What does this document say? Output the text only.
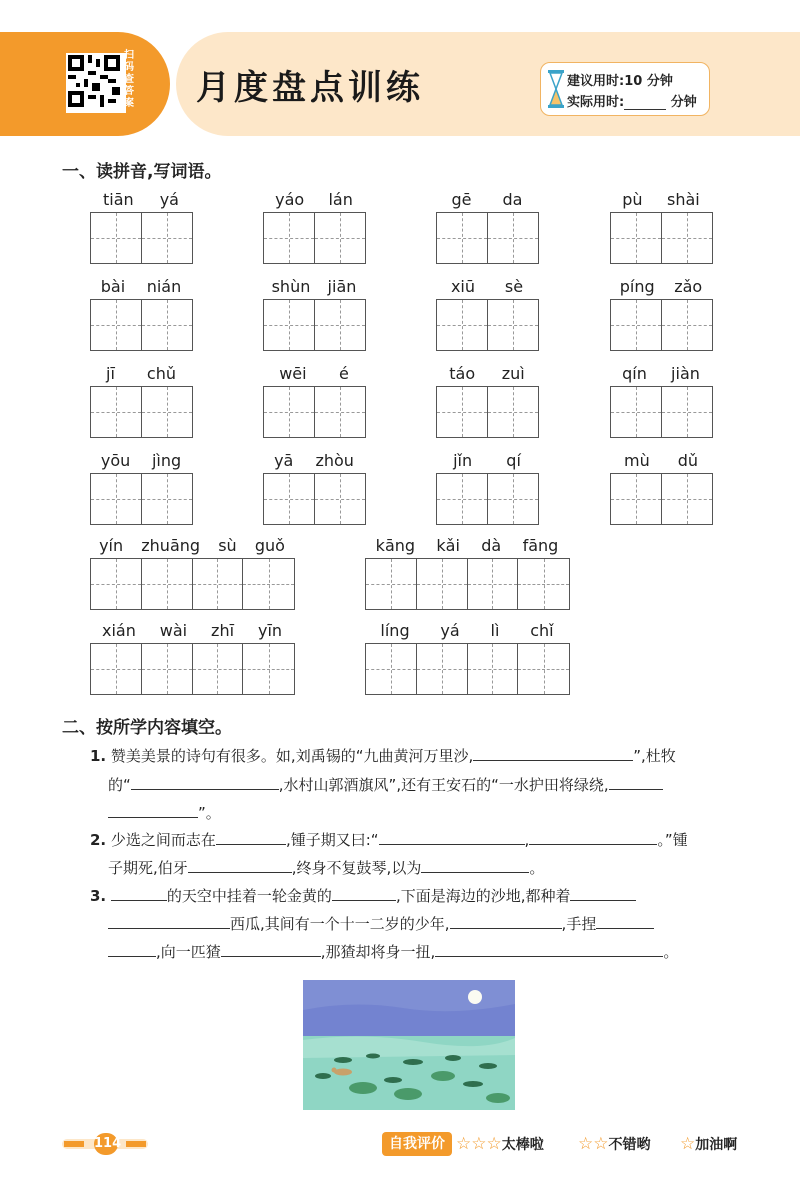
扫码查答案 月度盘点训练	建议用时:10 分钟
实际用时:	分钟
一、读拼音,写词语。
tiān yá	yáo lán	gē da	pù shài
bài nián	shùn jiān	xiū sè	píng zǎo
jī chǔ	wēi é	táo zuì	qín jiàn
yōu jìng	yā zhòu	jǐn qí	mù dǔ
yín zhuāng sù guǒ	kāng kǎi dà fāng
xián wài zhī yīn	líng yá lì chǐ
二、按所学内容填空。
1. 赞美美景的诗句有很多。如,刘禹锡的“九曲黄河万里沙,	”,杜牧
的“	,水村山郭酒旗风”,还有王安石的“一水护田将绿绕,
”。
2. 少选之间而志在	,锺子期又曰:“	,	。”锺
子期死,伯牙	,终身不复鼓琴,以为	。
3.	的天空中挂着一轮金黄的	,下面是海边的沙地,都种着
西瓜,其间有一个十一二岁的少年,	,手捏
,向一匹猹	,那猹却将身一扭,	。
114	自我评价 ☆☆☆太棒啦 ☆☆不错哟 ☆加油啊
